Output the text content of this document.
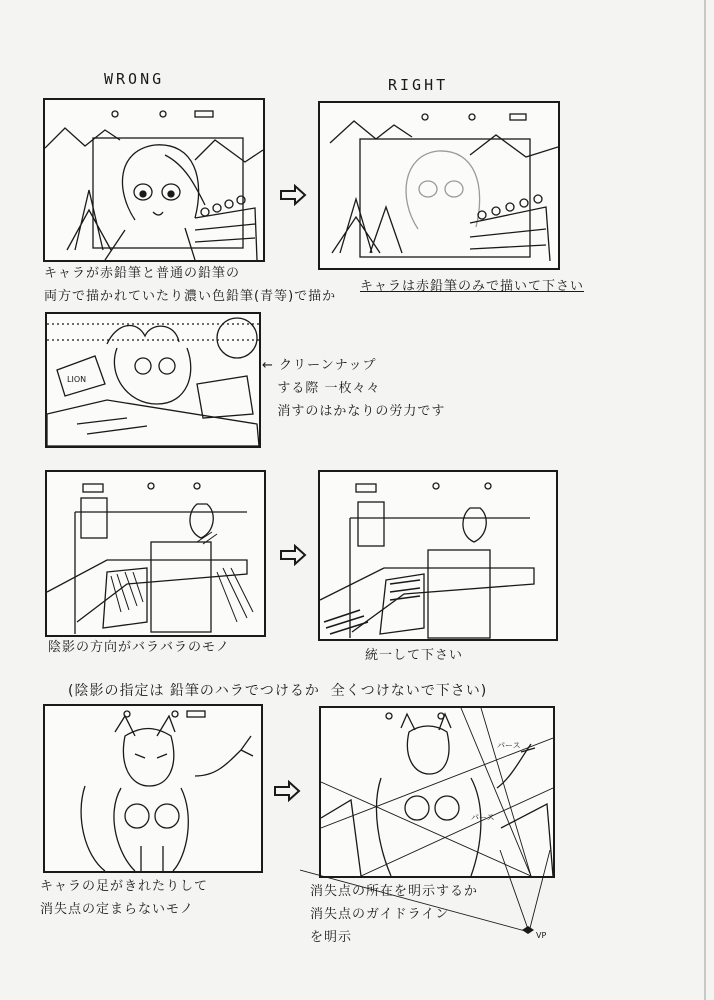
WRONG	RIGHT
キャラが赤鉛筆と普通の鉛筆の
両方で描かれていたり濃い色鉛筆(青等)で描か

キャラは赤鉛筆のみで描いて下さい
LION
← クリーンナップ
する際 一枚々々
消すのはかなりの労力です
陰影の方向がバラバラのモノ
統一して下さい
(陰影の指定は 鉛筆のハラでつけるか  全くつけないで下さい)
パース
パース
VP
キャラの足がきれたりして
消失点の定まらないモノ
消失点の所在を明示するか
消失点のガイドライン
を明示
